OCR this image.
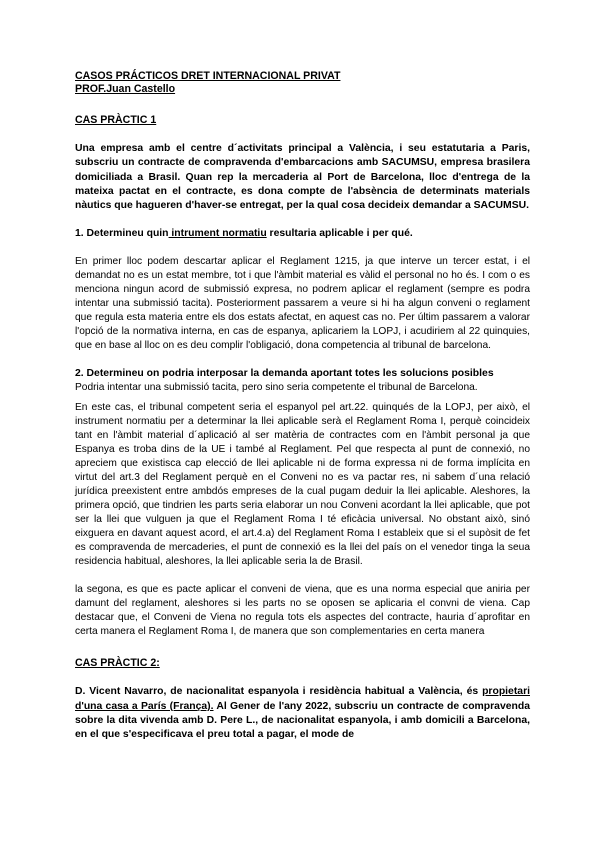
CASOS PRÁCTICOS DRET INTERNACIONAL PRIVAT

PROF.Juan Castello

CAS PRÀCTIC 1

Una empresa amb el centre d´activitats principal a València, i seu estatutaria a Paris, subscriu un contracte de compravenda d'embarcacions amb SACUMSU, empresa brasilera domiciliada a Brasil. Quan rep la mercaderia al Port de Barcelona, lloc d'entrega de la mateixa pactat en el contracte, es dona compte de l'absència de determinats materials nàutics que hagueren d'haver-se entregat, per la qual cosa decideix demandar a SACUMSU.

1. Determineu quin intrument normatiu resultaria aplicable i per qué.

En primer lloc podem descartar aplicar el Reglament 1215, ja que interve un tercer estat, i el demandat no es un estat membre, tot i que l'àmbit material es vàlid el personal no ho és. I com o es menciona ningun acord de submissió expresa, no podrem aplicar el reglament (sempre es podra intentar una submissió tacita). Posteriorment passarem a veure si hi ha algun conveni o reglament que regula esta materia entre els dos estats afectat, en aquest cas no. Per últim passarem a valorar l'opció de la normativa interna, en cas de espanya, aplicariem la LOPJ, i acudiriem al 22 quinquies, que en base al lloc on es deu complir l'obligació, dona competencia al tribunal de barcelona.

2. Determineu on podria interposar la demanda aportant totes les solucions posibles

Podria intentar una submissió tacita, pero sino seria competente el tribunal de Barcelona.

En este cas, el tribunal competent seria el espanyol pel art.22. quinqués de la LOPJ, per això, el instrument normatiu per a determinar la llei aplicable serà el Reglament Roma I, perquè coincideix tant en l'àmbit material d´aplicació al ser matèria de contractes com en l'àmbit personal ja que Espanya es troba dins de la UE i també al Reglament. Pel que respecta al punt de connexió, no apreciem que existisca cap elecció de llei aplicable ni de forma expressa ni de forma implícita en virtut del art.3 del Reglament perquè en el Conveni no es va pactar res, ni sabem d´una relació jurídica preexistent entre ambdós empreses de la cual pugam deduir la llei aplicable. Aleshores, la primera opció, que tindrien les parts seria elaborar un nou Conveni acordant la llei aplicable, que pot ser la llei que vulguen ja que el Reglament Roma I té eficàcia universal. No obstant això, sinó eixguera en davant aquest acord, el art.4.a) del Reglament Roma I estableix que si el supòsit de fet es compravenda de mercaderies, el punt de connexió es la llei del país on el venedor tinga la seua residencia habitual, aleshores, la llei aplicable seria la de Brasil.

la segona, es que es pacte aplicar el conveni de viena, que es una norma especial que aniria per damunt del reglament, aleshores si les parts no se oposen se aplicaria el convni de viena. Cap destacar que, el Conveni de Viena no regula tots els aspectes del contracte, hauria d´aprofitar en certa manera el Reglament Roma I, de manera que son complementaries en certa manera

CAS PRÀCTIC 2:

D. Vicent Navarro, de nacionalitat espanyola i residència habitual a València, és propietari d'una casa a París (França). Al Gener de l'any 2022, subscriu un contracte de compravenda sobre la dita vivenda amb D. Pere L., de nacionalitat espanyola, i amb domicili a Barcelona, en el que s'especificava el preu total a pagar, el mode de
